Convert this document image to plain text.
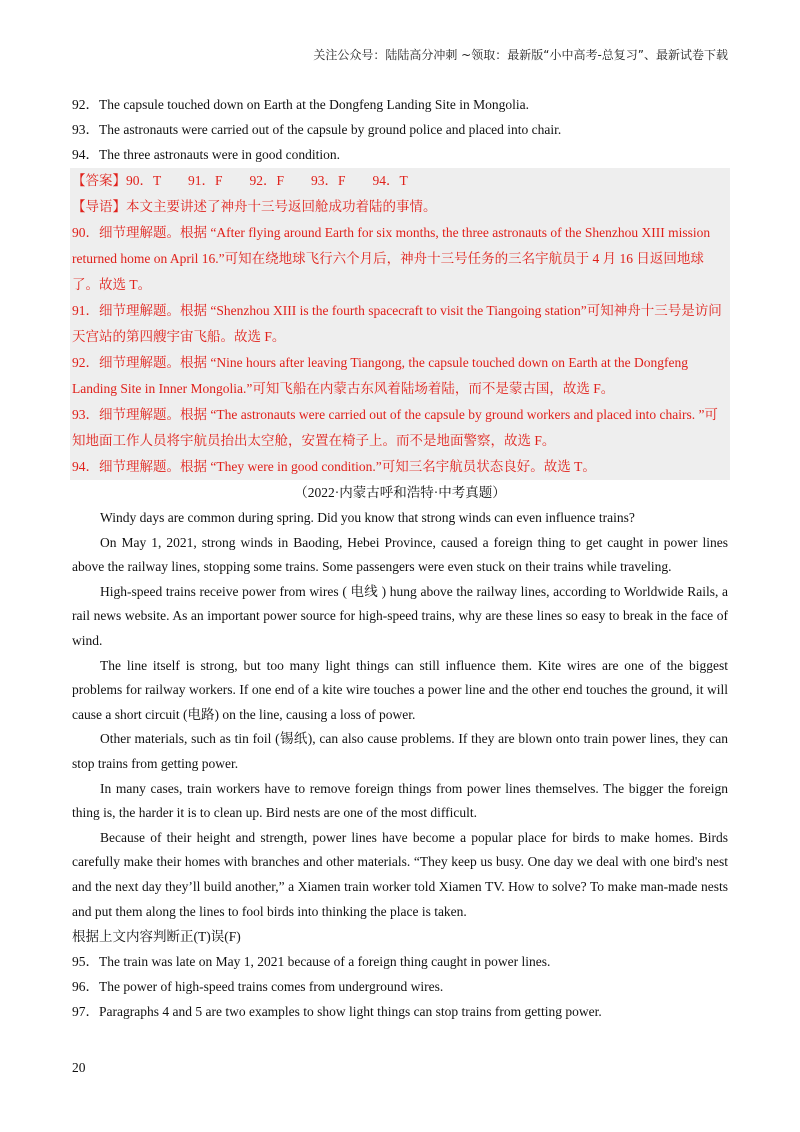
关注公众号：陆陆高分冲刺 ~领取：最新版“小中高考-总复习”、最新试卷下载

92．The capsule touched down on Earth at the Dongfeng Landing Site in Mongolia.

93．The astronauts were carried out of the capsule by ground police and placed into chair.

94．The three astronauts were in good condition.

【答案】90．T　　91．F　　92．F　　93．F　　94．T

【导语】本文主要讲述了神舟十三号返回舱成功着陆的事情。

90．细节理解题。根据 “After flying around Earth for six months, the three astronauts of the Shenzhou XIII mission returned home on April 16.”可知在绕地球飞行六个月后，神舟十三号任务的三名宇航员于 4 月 16 日返回地球了。故选 T。

91．细节理解题。根据 “Shenzhou XIII is the fourth spacecraft to visit the Tiangoing station”可知神舟十三号是访问天宫站的第四艘宇宙飞船。故选 F。

92．细节理解题。根据 “Nine hours after leaving Tiangong, the capsule touched down on Earth at the Dongfeng Landing Site in Inner Mongolia.”可知飞船在内蒙古东风着陆场着陆，而不是蒙古国，故选 F。

93．细节理解题。根据 “The astronauts were carried out of the capsule by ground workers and placed into chairs. ”可知地面工作人员将宇航员抬出太空舱，安置在椅子上。而不是地面警察，故选 F。

94．细节理解题。根据 “They were in good condition.”可知三名宇航员状态良好。故选 T。

（2022·内蒙古呼和浩特·中考真题）

Windy days are common during spring. Did you know that strong winds can even influence trains?

On May 1, 2021, strong winds in Baoding, Hebei Province, caused a foreign thing to get caught in power lines above the railway lines, stopping some trains. Some passengers were even stuck on their trains while traveling.

High-speed trains receive power from wires ( 电线 ) hung above the railway lines, according to Worldwide Rails, a rail news website. As an important power source for high-speed trains, why are these lines so easy to break in the face of wind.

The line itself is strong, but too many light things can still influence them. Kite wires are one of the biggest problems for railway workers. If one end of a kite wire touches a power line and the other end touches the ground, it will cause a short circuit (电路) on the line, causing a loss of power.

Other materials, such as tin foil (锡纸), can also cause problems. If they are blown onto train power lines, they can stop trains from getting power.

In many cases, train workers have to remove foreign things from power lines themselves. The bigger the foreign thing is, the harder it is to clean up. Bird nests are one of the most difficult.

Because of their height and strength, power lines have become a popular place for birds to make homes. Birds carefully make their homes with branches and other materials. “They keep us busy. One day we deal with one bird's nest and the next day they’ll build another,” a Xiamen train worker told Xiamen TV. How to solve? To make man-made nests and put them along the lines to fool birds into thinking the place is taken.

根据上文内容判断正(T)误(F)

95．The train was late on May 1, 2021 because of a foreign thing caught in power lines.

96．The power of high-speed trains comes from underground wires.

97．Paragraphs 4 and 5 are two examples to show light things can stop trains from getting power.

20
